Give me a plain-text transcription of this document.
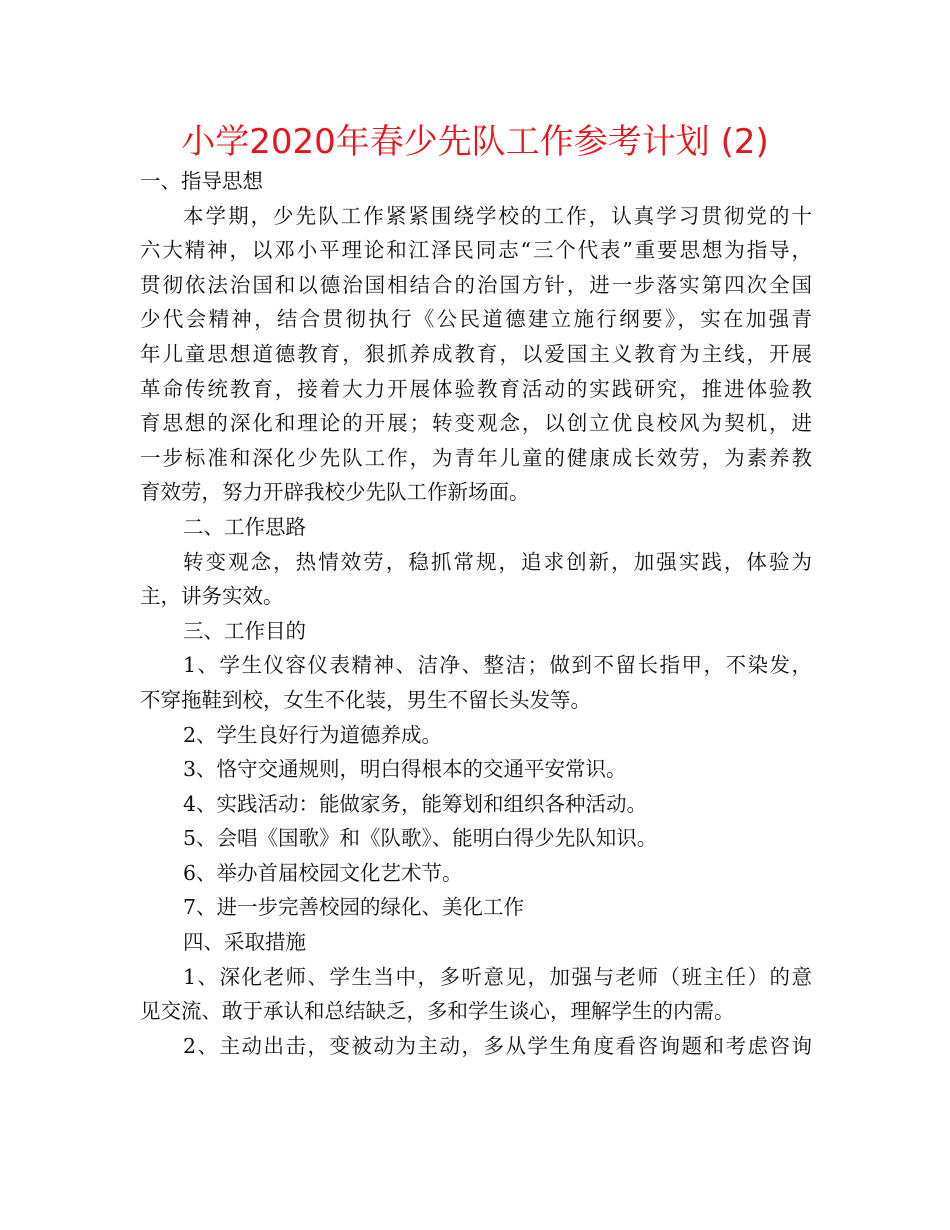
小学2020年春少先队工作参考计划 (2)
一、指导思想
本学期，少先队工作紧紧围绕学校的工作，认真学习贯彻党的十
六大精神，以邓小平理论和江泽民同志“三个代表”重要思想为指导，
贯彻依法治国和以德治国相结合的治国方针，进一步落实第四次全国
少代会精神，结合贯彻执行《公民道德建立施行纲要》，实在加强青
年儿童思想道德教育，狠抓养成教育，以爱国主义教育为主线，开展
革命传统教育，接着大力开展体验教育活动的实践研究，推进体验教
育思想的深化和理论的开展；转变观念，以创立优良校风为契机，进
一步标准和深化少先队工作，为青年儿童的健康成长效劳，为素养教
育效劳，努力开辟我校少先队工作新场面。
二、工作思路
转变观念，热情效劳，稳抓常规，追求创新，加强实践，体验为
主，讲务实效。
三、工作目的
1、学生仪容仪表精神、洁净、整洁；做到不留长指甲，不染发，
不穿拖鞋到校，女生不化装，男生不留长头发等。
2、学生良好行为道德养成。
3、恪守交通规则，明白得根本的交通平安常识。
4、实践活动：能做家务，能筹划和组织各种活动。
5、会唱《国歌》和《队歌》、能明白得少先队知识。
6、举办首届校园文化艺术节。
7、进一步完善校园的绿化、美化工作
四、采取措施
1、深化老师、学生当中，多听意见，加强与老师（班主任）的意
见交流、敢于承认和总结缺乏，多和学生谈心，理解学生的内需。
2、主动出击，变被动为主动，多从学生角度看咨询题和考虑咨询
